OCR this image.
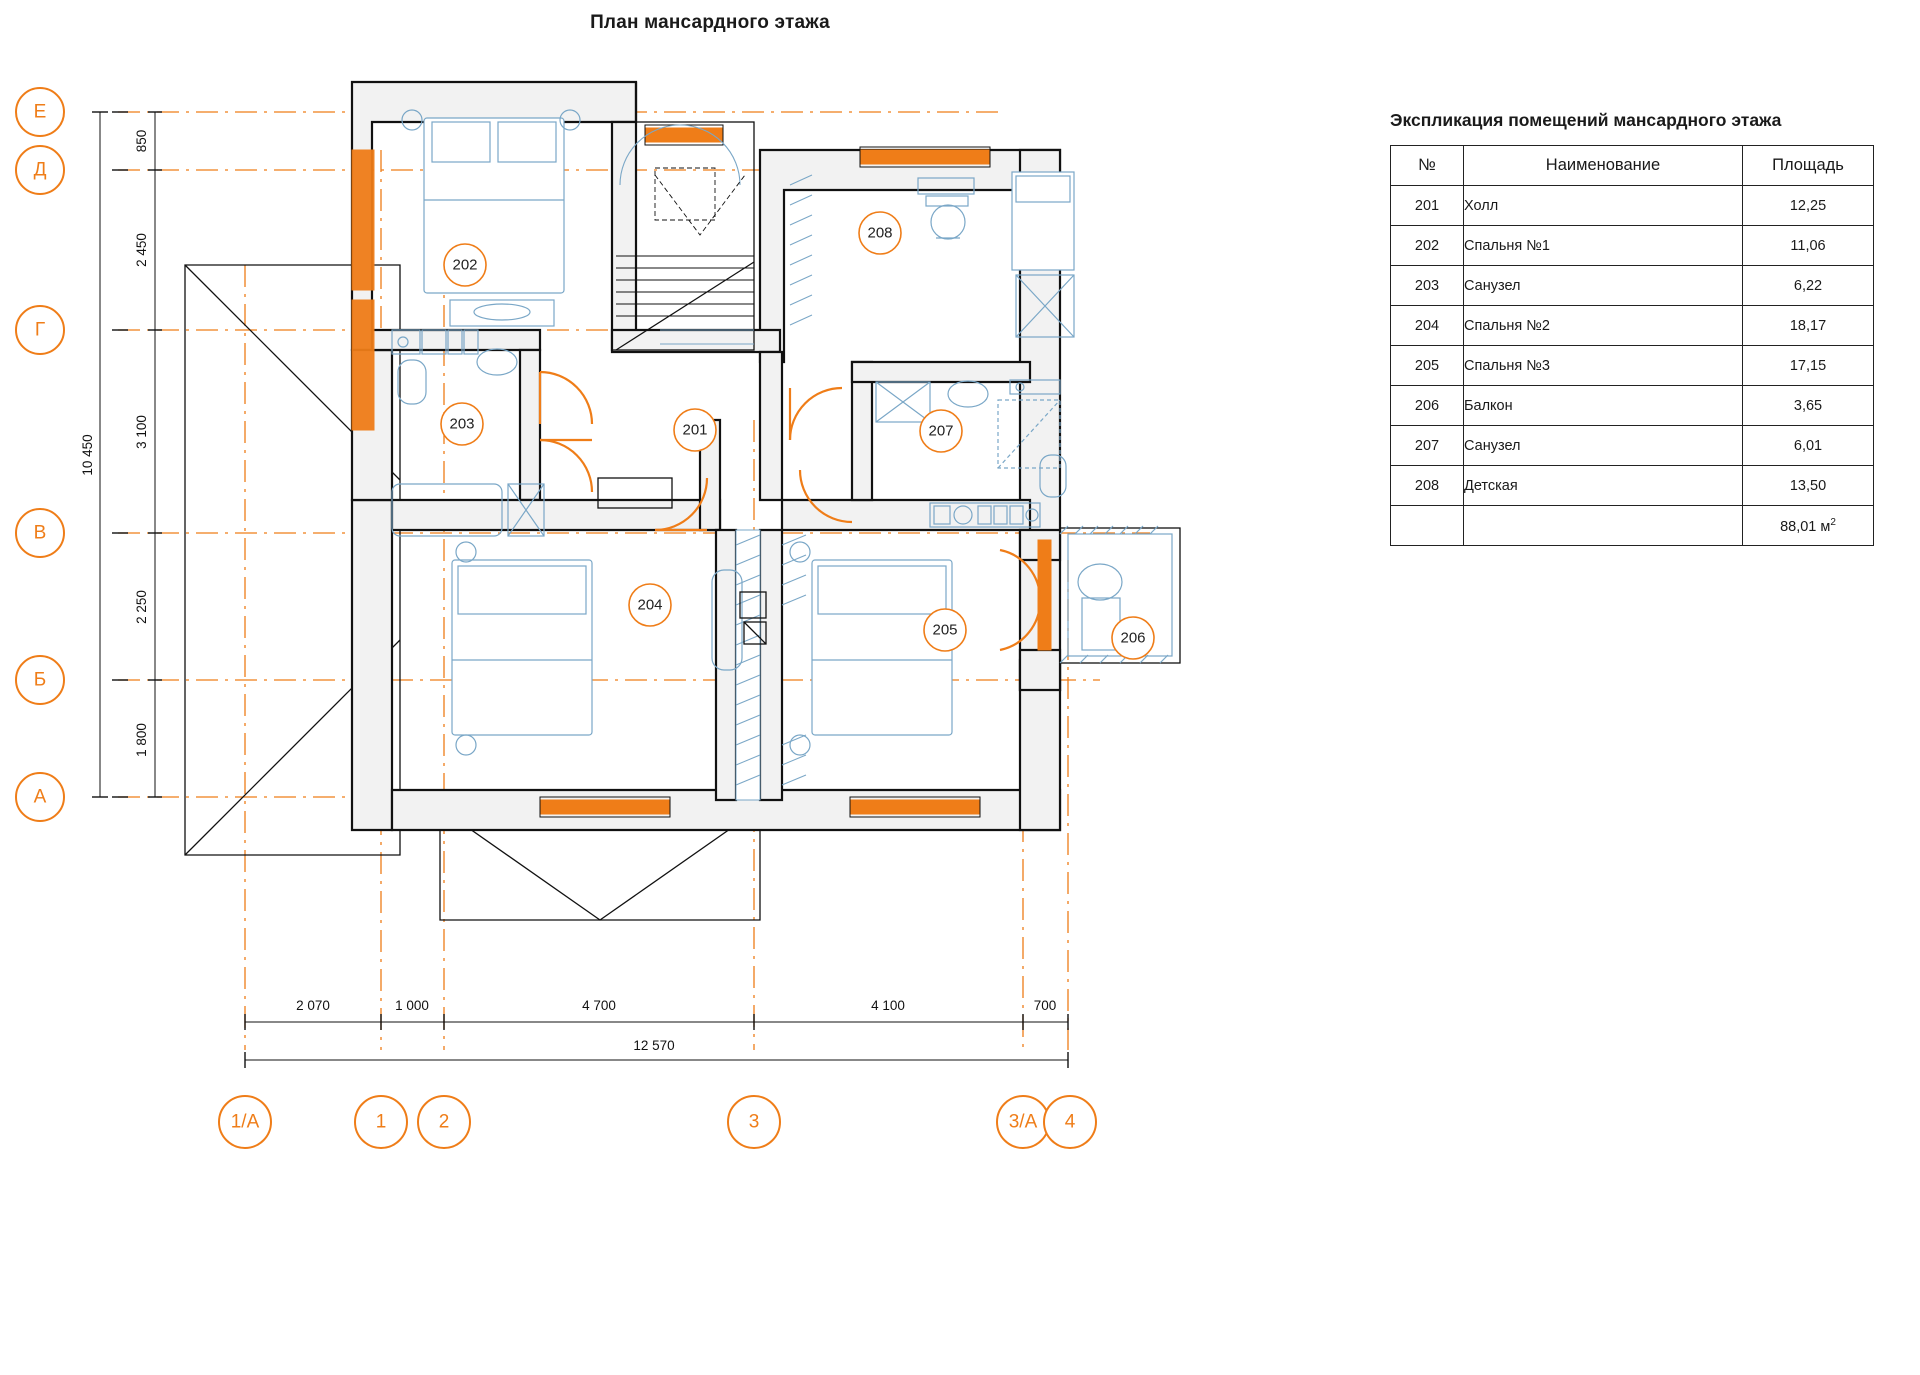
План мансардного этажа
Экспликация помещений мансардного этажа
№	Наименование	Площадь
201	Холл	12,25
202	Спальня №1	11,06
203	Санузел	6,22
204	Спальня №2	18,17
205	Спальня №3	17,15
206	Балкон	3,65
207	Санузел	6,01
208	Детская	13,50
		88,01 $м^2$
850
2 450
3 100
2 250
1 800
10 450
2 070	1 000	4 700	4 100	700
12 570
Е
Д
Г
В
Б
А
1/А	1	2	3	3/А 4
201
202
203
204
205	206
207
208
